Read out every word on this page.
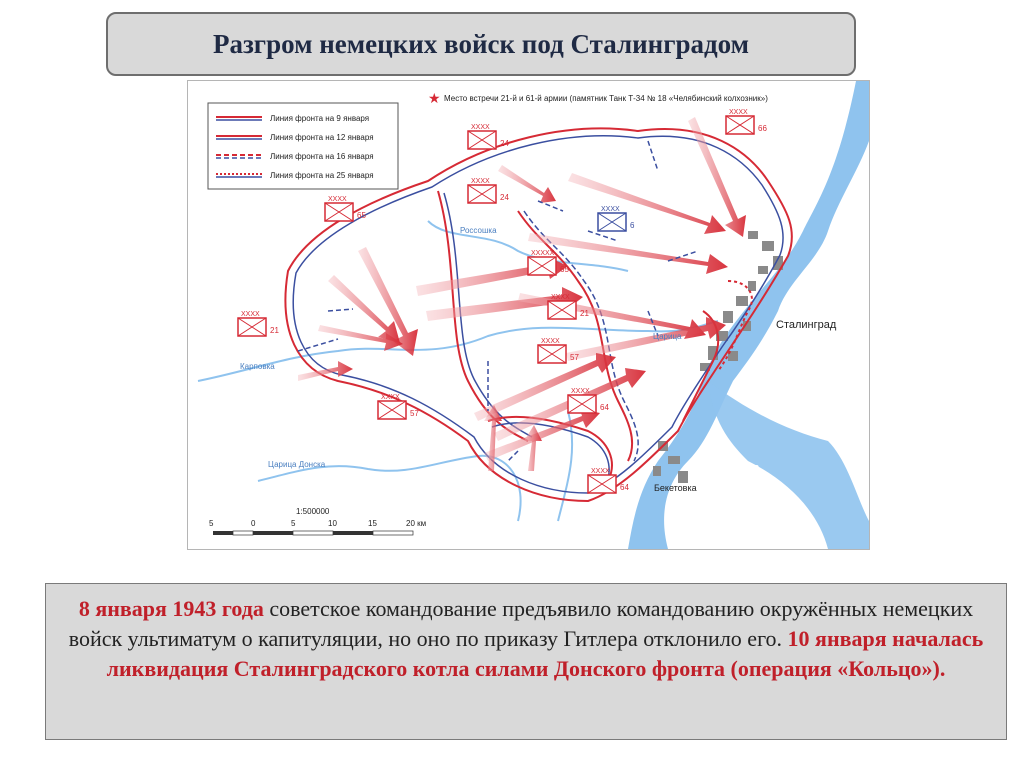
Разгром немецких войск под Сталинградом
Линия фронта на 9 января
Линия фронта на 12 января
Линия фронта на 16 января
Линия фронта на 25 января
★ Место встречи 21-й и 61-й армии (памятник Танк Т-34 № 18 «Челябинский колхозник»)
XXXX
24
XXXX
66
XXXX
65
XXXX
24
XXXX
6
XXXXX
65
XXXX
21
XXXX
21
XXXX
57
XXXX
57
XXXX
64
XXXX
64
Сталинград
Волга
Бекетовка
Карповка
Россошка
Царица
Царица Донска
1:500000
5	0	5	10	15	20 км
8 января 1943 года советское командование предъявило командованию окружённых немецких войск ультиматум о капитуляции, но оно по приказу Гитлера отклонило его. 10 января началась ликвидация Сталинградского котла силами Донского фронта (операция «Кольцо»).
